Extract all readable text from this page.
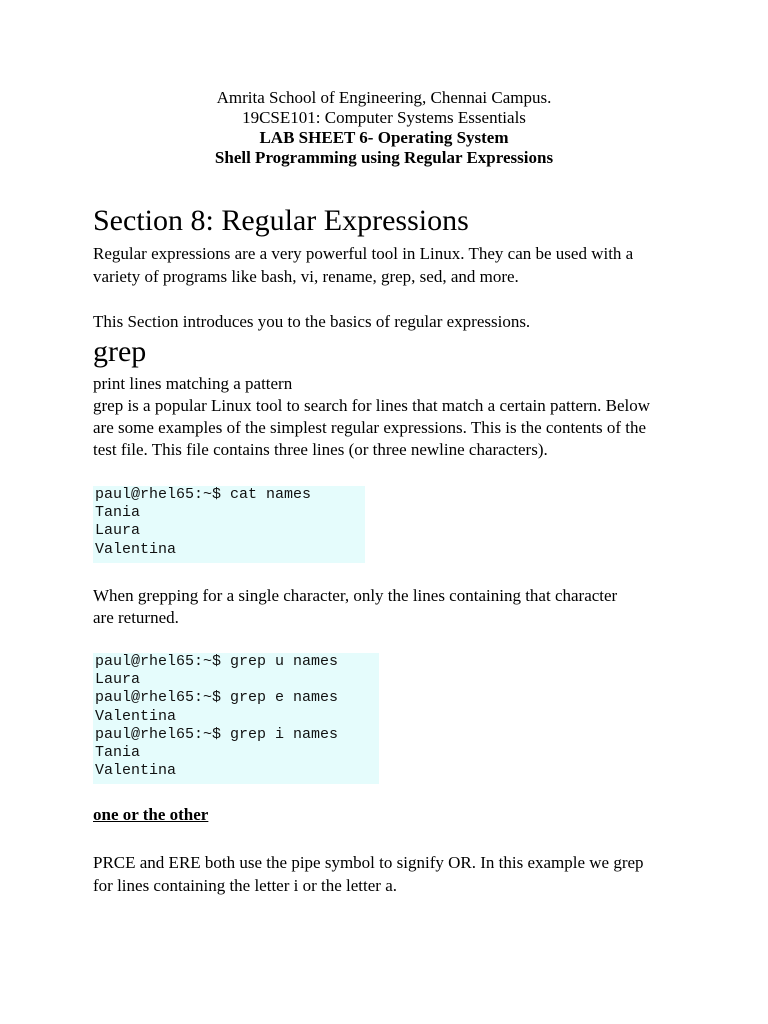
Amrita School of Engineering, Chennai Campus.
19CSE101: Computer Systems Essentials
LAB SHEET 6- Operating System
Shell Programming using Regular Expressions
Section 8: Regular Expressions

Regular expressions are a very powerful tool in Linux. They can be used with a

variety of programs like bash, vi, rename, grep, sed, and more.

This Section introduces you to the basics of regular expressions.

grep

print lines matching a pattern

grep is a popular Linux tool to search for lines that match a certain pattern. Below

are some examples of the simplest regular expressions. This is the contents of the

test file. This file contains three lines (or three newline characters).

paul@rhel65:~$ cat names
Tania
Laura
Valentina

When grepping for a single character, only the lines containing that character

are returned.

paul@rhel65:~$ grep u names
Laura
paul@rhel65:~$ grep e names
Valentina
paul@rhel65:~$ grep i names
Tania
Valentina

one or the other

PRCE and ERE both use the pipe symbol to signify OR. In this example we grep

for lines containing the letter i or the letter a.
